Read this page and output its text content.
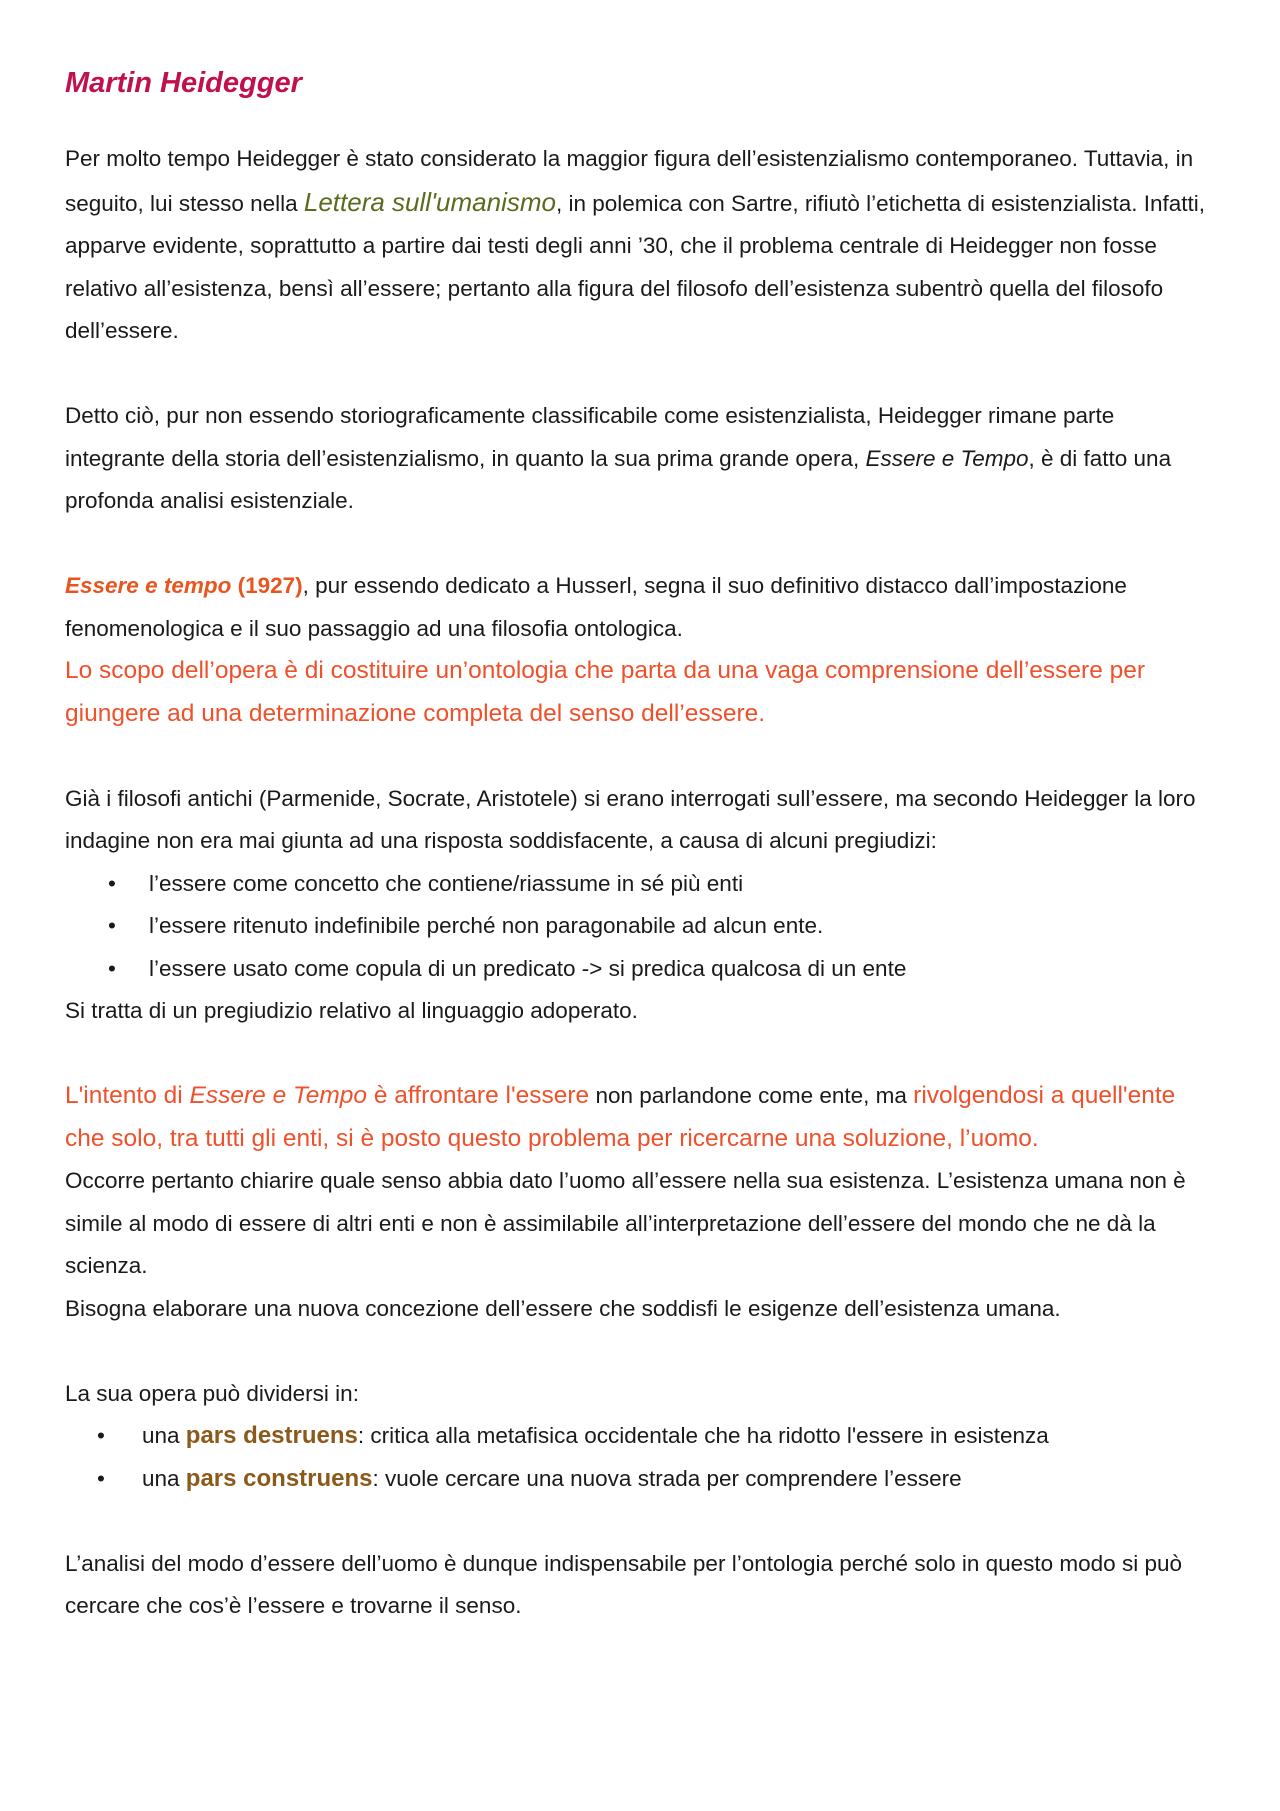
Martin Heidegger

Per molto tempo Heidegger è stato considerato la maggior figura dell’esistenzialismo contemporaneo. Tuttavia, in seguito, lui stesso nella Lettera sull'umanismo, in polemica con Sartre, rifiutò l’etichetta di esistenzialista. Infatti, apparve evidente, soprattutto a partire dai testi degli anni ’30, che il problema centrale di Heidegger non fosse relativo all’esistenza, bensì all’essere; pertanto alla figura del filosofo dell’esistenza subentrò quella del filosofo dell’essere.

Detto ciò, pur non essendo storiograficamente classificabile come esistenzialista, Heidegger rimane parte integrante della storia dell’esistenzialismo, in quanto la sua prima grande opera, Essere e Tempo, è di fatto una profonda analisi esistenziale.

Essere e tempo (1927), pur essendo dedicato a Husserl, segna il suo definitivo distacco dall’impostazione fenomenologica e il suo passaggio ad una filosofia ontologica.

Lo scopo dell’opera è di costituire un’ontologia che parta da una vaga comprensione dell’essere per giungere ad una determinazione completa del senso dell’essere.

Già i filosofi antichi (Parmenide, Socrate, Aristotele) si erano interrogati sull’essere, ma secondo Heidegger la loro indagine non era mai giunta ad una risposta soddisfacente, a causa di alcuni pregiudizi:

• l’essere come concetto che contiene/riassume in sé più enti
• l’essere ritenuto indefinibile perché non paragonabile ad alcun ente.
• l’essere usato come copula di un predicato -> si predica qualcosa di un ente

Si tratta di un pregiudizio relativo al linguaggio adoperato.

L'intento di Essere e Tempo è affrontare l'essere non parlandone come ente, ma rivolgendosi a quell'ente che solo, tra tutti gli enti, si è posto questo problema per ricercarne una soluzione, l’uomo.

Occorre pertanto chiarire quale senso abbia dato l’uomo all’essere nella sua esistenza. L’esistenza umana non è simile al modo di essere di altri enti e non è assimilabile all’interpretazione dell’essere del mondo che ne dà la scienza.

Bisogna elaborare una nuova concezione dell’essere che soddisfi le esigenze dell’esistenza umana.

La sua opera può dividersi in:

• una pars destruens: critica alla metafisica occidentale che ha ridotto l'essere in esistenza
• una pars construens: vuole cercare una nuova strada per comprendere l’essere

L’analisi del modo d’essere dell’uomo è dunque indispensabile per l’ontologia perché solo in questo modo si può cercare che cos’è l’essere e trovarne il senso.
